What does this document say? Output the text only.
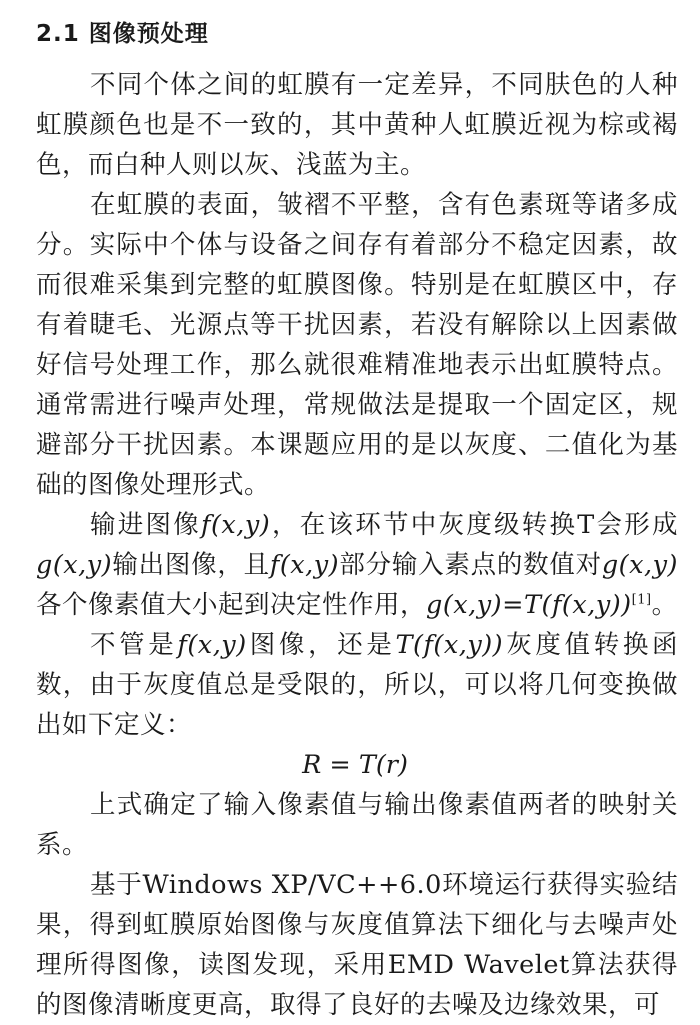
2.1 图像预处理

不同个体之间的虹膜有一定差异，不同肤色的人种虹膜颜色也是不一致的，其中黄种人虹膜近视为棕或褐色，而白种人则以灰、浅蓝为主。

在虹膜的表面，皱褶不平整，含有色素斑等诸多成分。实际中个体与设备之间存有着部分不稳定因素，故而很难采集到完整的虹膜图像。特别是在虹膜区中，存有着睫毛、光源点等干扰因素，若没有解除以上因素做好信号处理工作，那么就很难精准地表示出虹膜特点。通常需进行噪声处理，常规做法是提取一个固定区，规避部分干扰因素。本课题应用的是以灰度、二值化为基础的图像处理形式。

输进图像f(x,y)，在该环节中灰度级转换T会形成g(x,y)输出图像，且f(x,y)部分输入素点的数值对g(x,y)各个像素值大小起到决定性作用，g(x,y)=T(f(x,y))[1]。

不管是f(x,y)图像，还是T(f(x,y))灰度值转换函数，由于灰度值总是受限的，所以，可以将几何变换做出如下定义：

R = T(r)

上式确定了输入像素值与输出像素值两者的映射关系。

基于Windows XP/VC++6.0环境运行获得实验结果，得到虹膜原始图像与灰度值算法下细化与去噪声处理所得图像，读图发现，采用EMD Wavelet算法获得的图像清晰度更高，取得了良好的去噪及边缘效果，可
